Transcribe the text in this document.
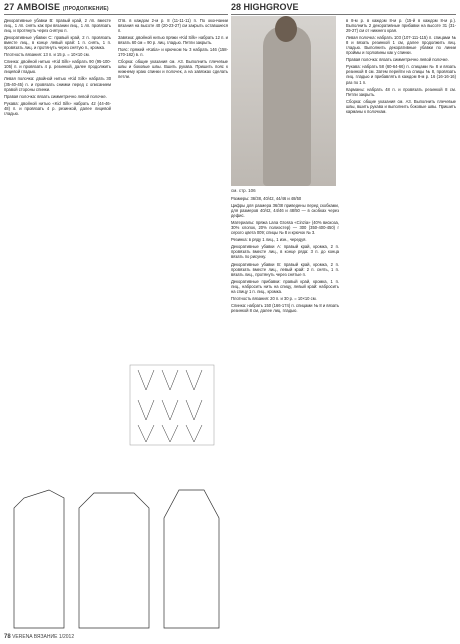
27 AMBOISE (ПРОДОЛЖЕНИЕ)	28 HIGHGROVE

Декоративные убавки В: правый край, 2 лп. вместе лиц., 1 лп. снять как при вязании лиц., 1 лп. провязать лиц. и протянуть через снятую п.

Декоративные убавки С: правый край, 2 п. провязать вместе лиц., в конце левый край: 1 п. снять, 1 п. провязать лиц. и протянуть через снятую п., кромка.

Плотность вязания: 13 п. и 15 р. = 10×10 см.

Спинка: двойной нитью «Kid Silk» набрать 90 (95-100-105) п. и провязать 4 р. резинкой, далее продолжить лицевой гладью.

Левая полочка: двойной нитью «Kid Silk» набрать 30 (35-40-45) п. и провязать снимки перед с описанием правой стороны спинки.

Правая полочка: вязать симметрично левой полочке.

Рукава: двойной нитью «Kid Silk» набрать 42 (44-46-48) п. и провязать 4 р. резинкой, далее лицевой гладью.

Отв. в каждом 2-м р. 8 (11-11-11) п. По окончании вязания на высоте 40 (20-23-27) см закрыть оставшиеся п.

Завязка: двойной нитью пряжи «Kid Silk» набрать 12 п. и вязать 60 см = 90 р. лиц. гладью. Петли закрыть.

Пояс: пряжей «Katia» и крючком № 3 набрать 146 (158-170-182) в. п.

Сборка: общие указания см. А3. Выполнить плечевые швы и боковые швы. Вшить рукава. Пришить пояс к нижнему краю спинки и полочек, а на завязках сделать петли.

см. стр. 106

Размеры: 36/38, 40/42, 44/46 и 48/50

Цифры для размера 36/38 приведены перед скобками, для размеров 40/42, 44/46 и 48/50 — в скобках через дефис.

Материалы: пряжа Lana Grossa «Cinzia» (40% вискоза, 30% хлопок, 20% полиэстер) — 300 (350-400-450) г серого цвета 009; спицы № 8 и крючок № 3.

Резинка: в ряду 1 лиц., 1 изн., чередуя.

Декоративные убавки А: правый край, кромка, 2 п. провязать вместе лиц., в конце ряда: 3 п. до конца вязать по рисунку.

Декоративные убавки В: правый край, кромка, 2 п. провязать вместе лиц., левый край: 2 п. снять, 1 п. вязать лиц., протянуть через снятые п.

Декоративные прибавки: правый край, кромка, 1 п. лиц., набросить нить на спицу, левый край: набросить на спицу 1 п. лиц., кромка.

Плотность вязания: 20 п. и 30 р. = 10×10 см.

Спинка: набрать 150 (166-174) п. спицами № 8 и вязать резинкой 8 см, далее лиц. гладью.

в 8-м р. в каждом 8-м р. (15-й в каждом 8-м р.). Выполнить 2 декоративные прибавки на высоте 31 (31-29-27) см от нижнего края.

Левая полочка: набрать 103 (107-111-115) п. спицами № 8 и вязать резинкой 1 см, далее продолжить лиц. гладью. Выполнить декоративные убавки по линии проймы и горловины как у спинки.

Правая полочка: вязать симметрично левой полочке.

Рукава: набрать 58 (60-64-66) п. спицами № 8 и вязать резинкой 8 см. Затем перейти на спицы № 8, провязать лиц. гладью и прибавлять в каждом 8-м р. 16 (16-16-16) раз по 1 п.

Карманы: набрать 48 п. и провязать резинкой 8 см. Петли закрыть.

Сборка: общие указания см. А3. Выполнить плечевые швы, вшить рукава и выполнить боковые швы. Пришить карманы к полочкам.

78 VERENA ВЯЗАНИЕ 1/2012
